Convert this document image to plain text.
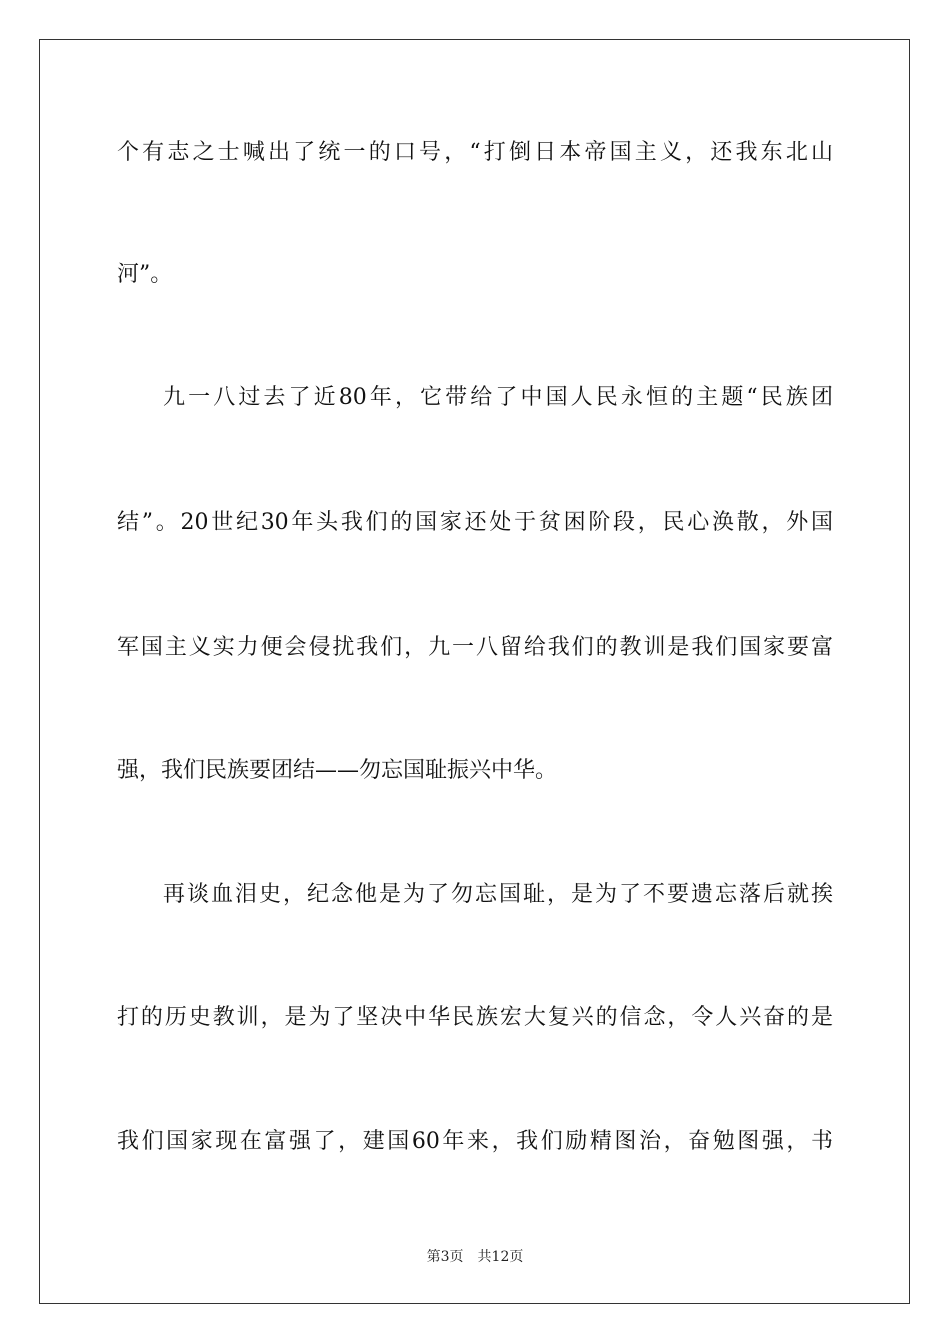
个有志之士喊出了统一的口号，“打倒日本帝国主义，还我东北山
河”。
九一八过去了近80年，它带给了中国人民永恒的主题“民族团
结”。20世纪30年头我们的国家还处于贫困阶段，民心涣散，外国
军国主义实力便会侵扰我们，九一八留给我们的教训是我们国家要富
强，我们民族要团结——勿忘国耻振兴中华。
再谈血泪史，纪念他是为了勿忘国耻，是为了不要遗忘落后就挨
打的历史教训，是为了坚决中华民族宏大复兴的信念，令人兴奋的是
我们国家现在富强了，建国60年来，我们励精图治，奋勉图强，书
第3页 共12页
